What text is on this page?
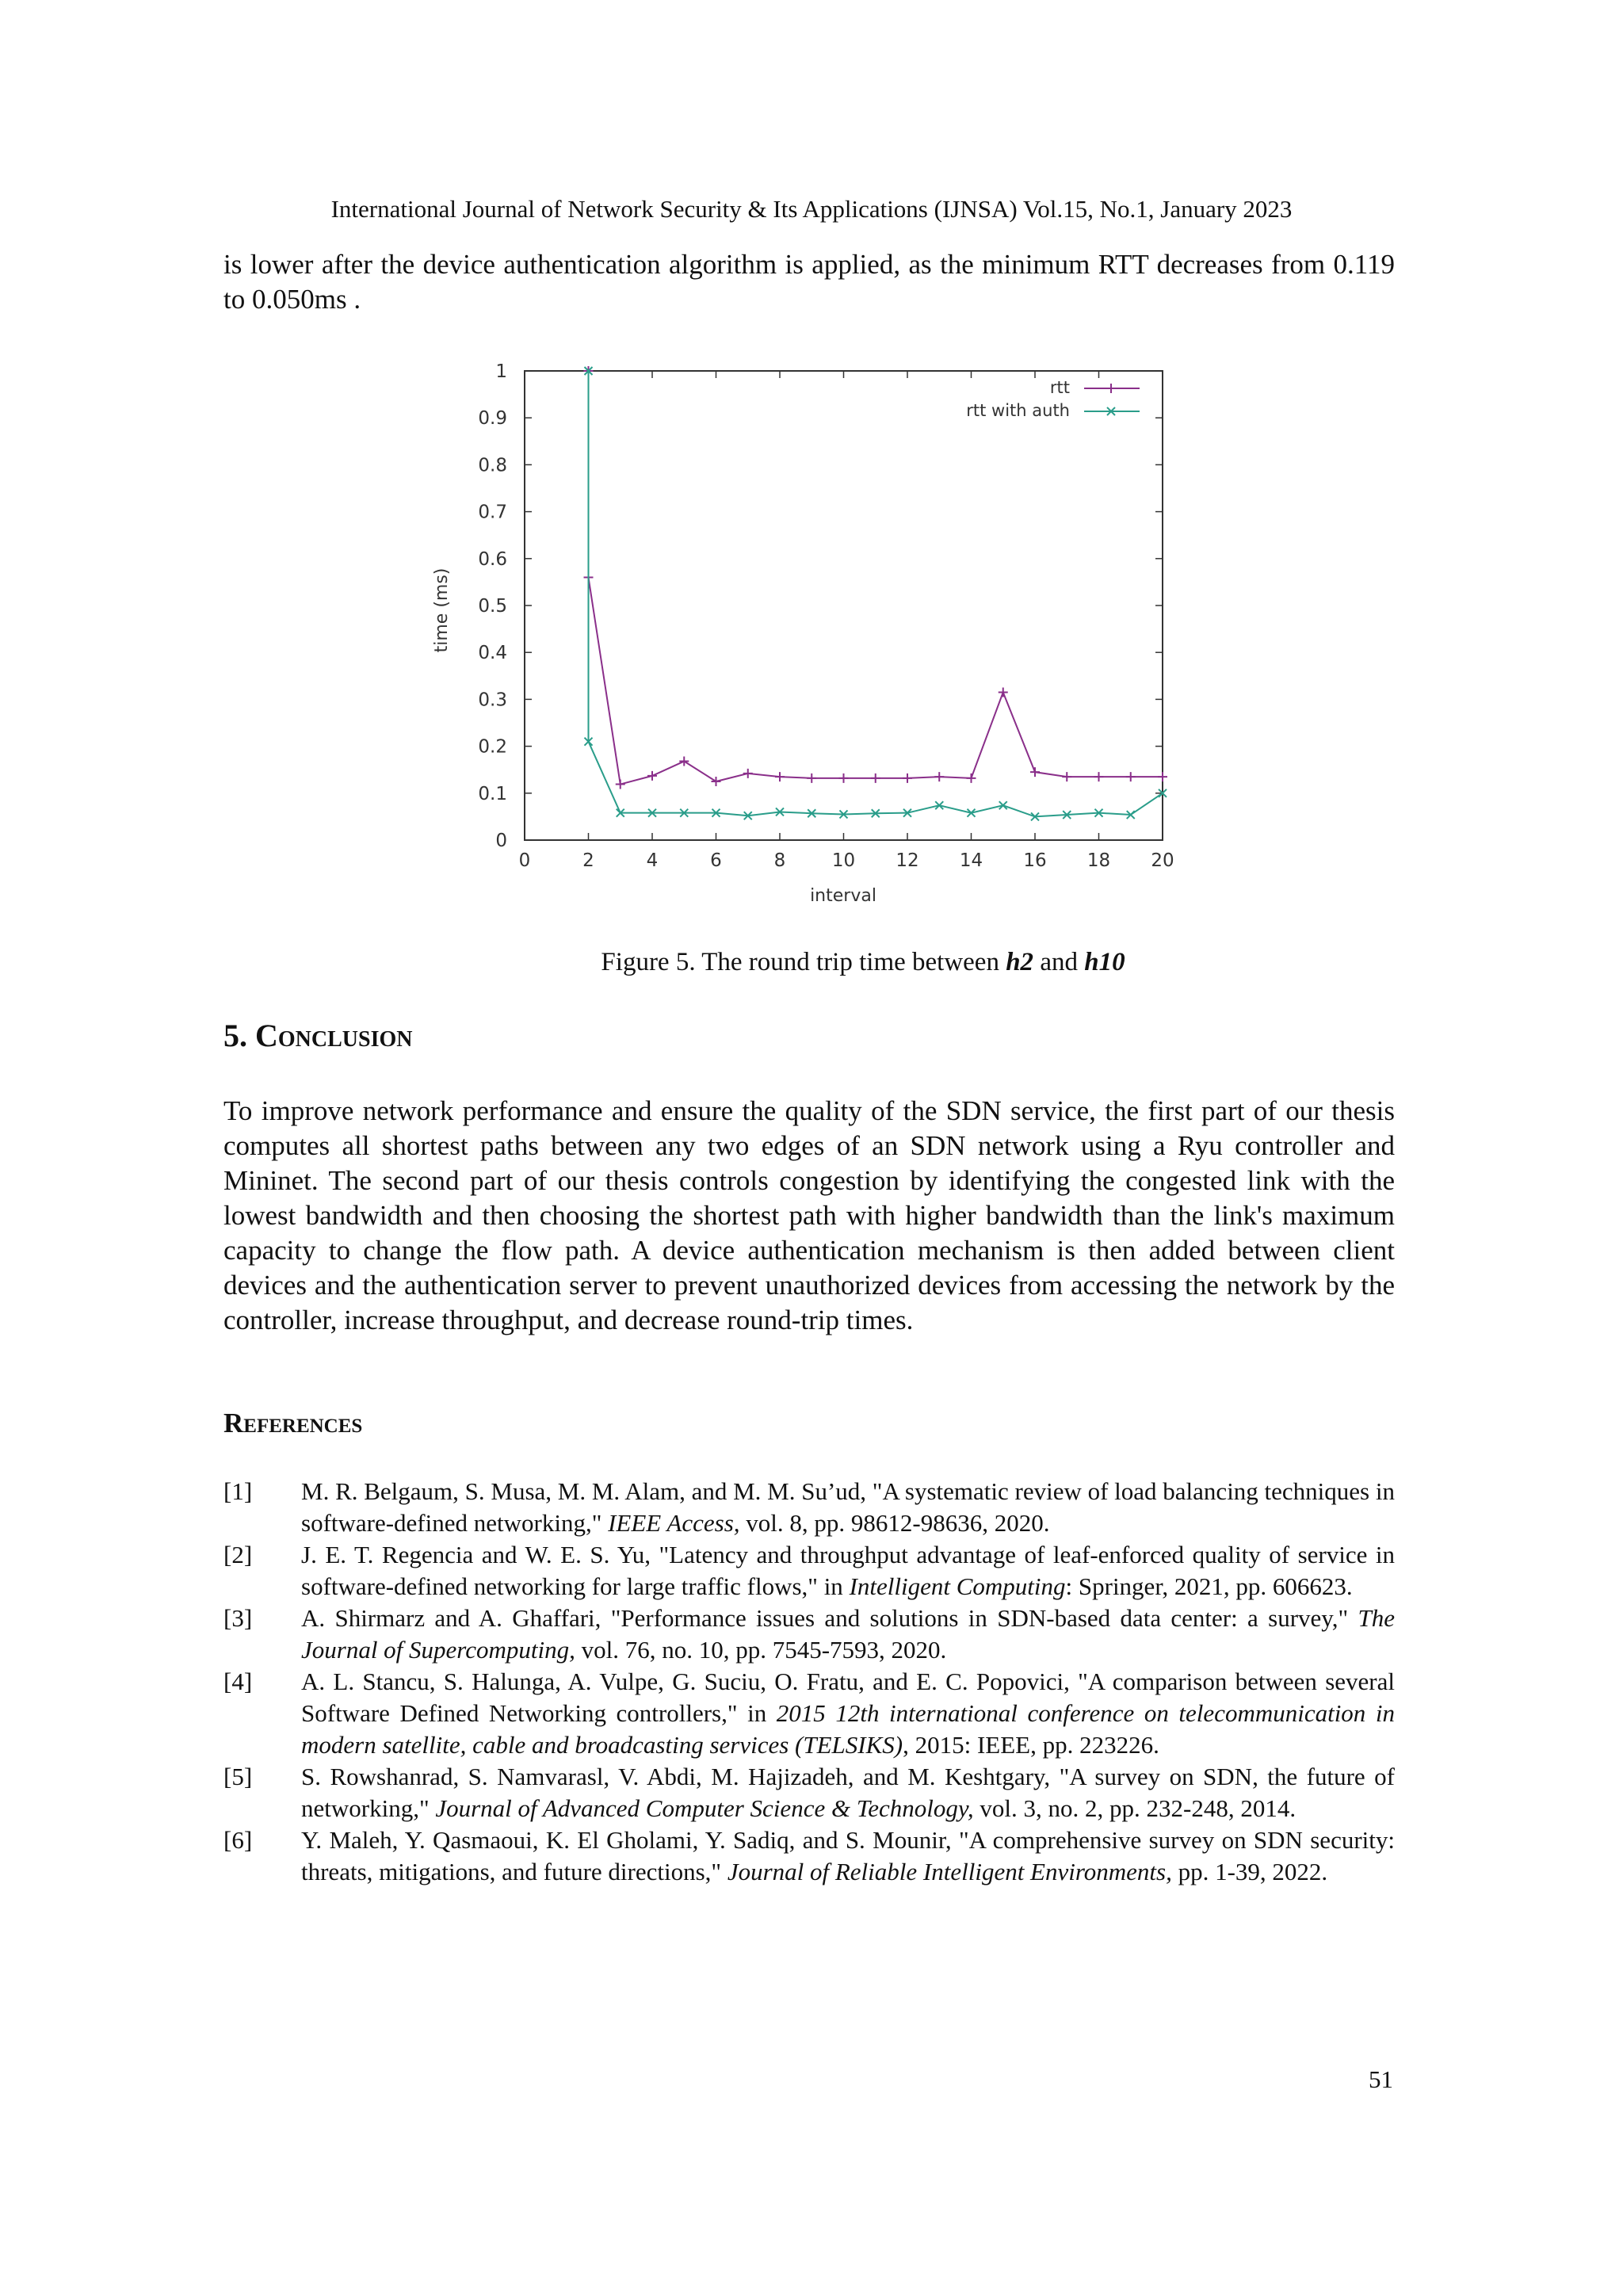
International Journal of Network Security & Its Applications (IJNSA) Vol.15, No.1, January 2023
is lower after the device authentication algorithm is applied, as the minimum RTT decreases from 0.119 to 0.050ms .
0	2	4	6	8	10 12 14 16 18 20
0
0.1
0.2
0.3
0.4
0.5
0.6
0.7
0.8
0.9
1
interval
time (ms)
rtt
rtt with auth
Figure 5. The round trip time between h2 and h10
5. Conclusion
To improve network performance and ensure the quality of the SDN service, the first part of our thesis computes all shortest paths between any two edges of an SDN network using a Ryu controller and Mininet. The second part of our thesis controls congestion by identifying the congested link with the lowest bandwidth and then choosing the shortest path with higher bandwidth than the link's maximum capacity to change the flow path. A device authentication mechanism is then added between client devices and the authentication server to prevent unauthorized devices from accessing the network by the controller, increase throughput, and decrease round-trip times.
References
[1]	M. R. Belgaum, S. Musa, M. M. Alam, and M. M. Su’ud, "A systematic review of load balancing techniques in software-defined networking," IEEE Access, vol. 8, pp. 98612-98636, 2020.
[2]	J. E. T. Regencia and W. E. S. Yu, "Latency and throughput advantage of leaf-enforced quality of service in software-defined networking for large traffic flows," in Intelligent Computing: Springer, 2021, pp. 606623.
[3]	A. Shirmarz and A. Ghaffari, "Performance issues and solutions in SDN-based data center: a survey," The Journal of Supercomputing, vol. 76, no. 10, pp. 7545-7593, 2020.
[4]	A. L. Stancu, S. Halunga, A. Vulpe, G. Suciu, O. Fratu, and E. C. Popovici, "A comparison between several Software Defined Networking controllers," in 2015 12th international conference on telecommunication in modern satellite, cable and broadcasting services (TELSIKS), 2015: IEEE, pp. 223226.
[5]	S. Rowshanrad, S. Namvarasl, V. Abdi, M. Hajizadeh, and M. Keshtgary, "A survey on SDN, the future of networking," Journal of Advanced Computer Science & Technology, vol. 3, no. 2, pp. 232-248, 2014.
[6]	Y. Maleh, Y. Qasmaoui, K. El Gholami, Y. Sadiq, and S. Mounir, "A comprehensive survey on SDN security: threats, mitigations, and future directions," Journal of Reliable Intelligent Environments, pp. 1-39, 2022.
51
